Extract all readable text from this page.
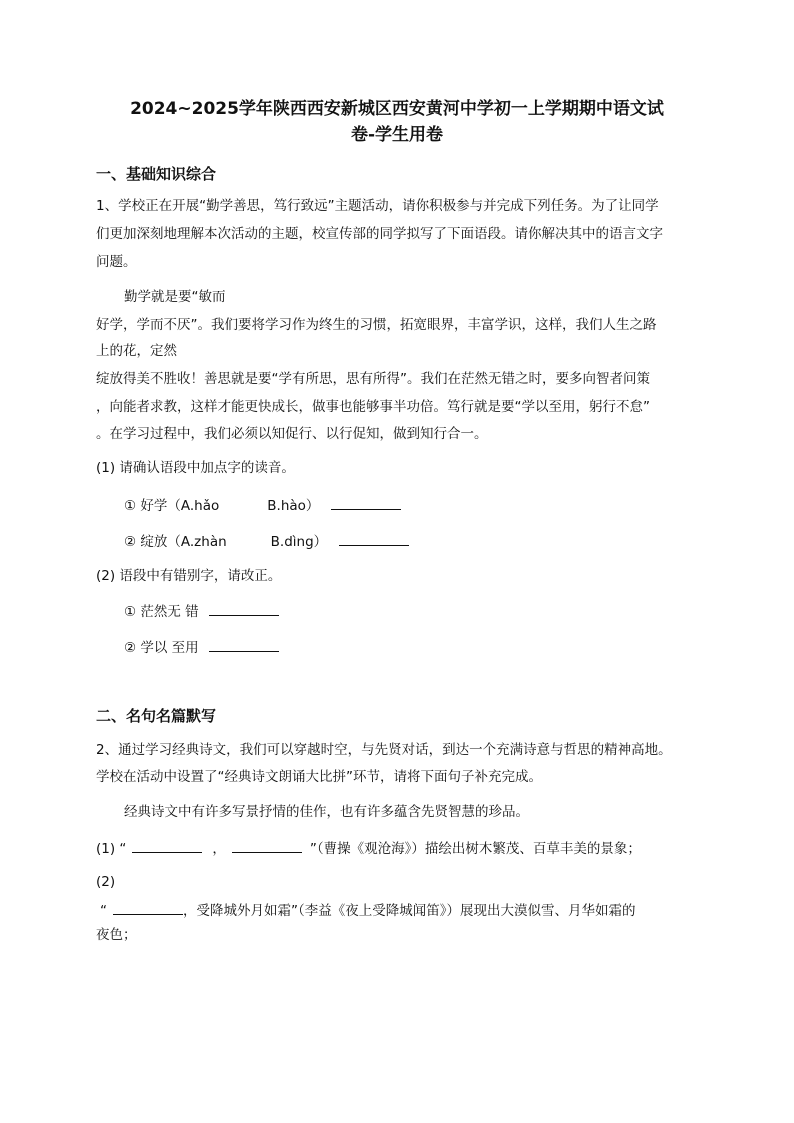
2024~2025学年陕西西安新城区西安黄河中学初一上学期期中语文试
卷-学生用卷
一、基础知识综合
1、学校正在开展“勤学善思，笃行致远”主题活动，请你积极参与并完成下列任务。为了让同学
们更加深刻地理解本次活动的主题，校宣传部的同学拟写了下面语段。请你解决其中的语言文字
问题。
勤学就是要“敏而
好学，学而不厌”。我们要将学习作为终生的习惯，拓宽眼界，丰富学识，这样，我们人生之路
上的花，定然
绽放得美不胜收！善思就是要“学有所思，思有所得”。我们在茫然无错之时，要多向智者问策
，向能者求教，这样才能更快成长，做事也能够事半功倍。笃行就是要“学以至用，躬行不怠”
。在学习过程中，我们必须以知促行、以行促知，做到知行合一。
(1) 请确认语段中加点字的读音。
① 好学（A.hǎo	B.hào）
② 绽放（A.zhàn	B.dìng）
(2) 语段中有错别字，请改正。
① 茫然无 错
② 学以 至用
二、名句名篇默写
2、通过学习经典诗文，我们可以穿越时空，与先贤对话，到达一个充满诗意与哲思的精神高地。
学校在活动中设置了“经典诗文朗诵大比拼”环节，请将下面句子补充完成。
经典诗文中有许多写景抒情的佳作，也有许多蕴含先贤智慧的珍品。
(1) “	，	”（曹操《观沧海》）描绘出树木繁茂、百草丰美的景象；
(2)
“	，受降城外月如霜”（李益《夜上受降城闻笛》）展现出大漠似雪、月华如霜的
夜色；
